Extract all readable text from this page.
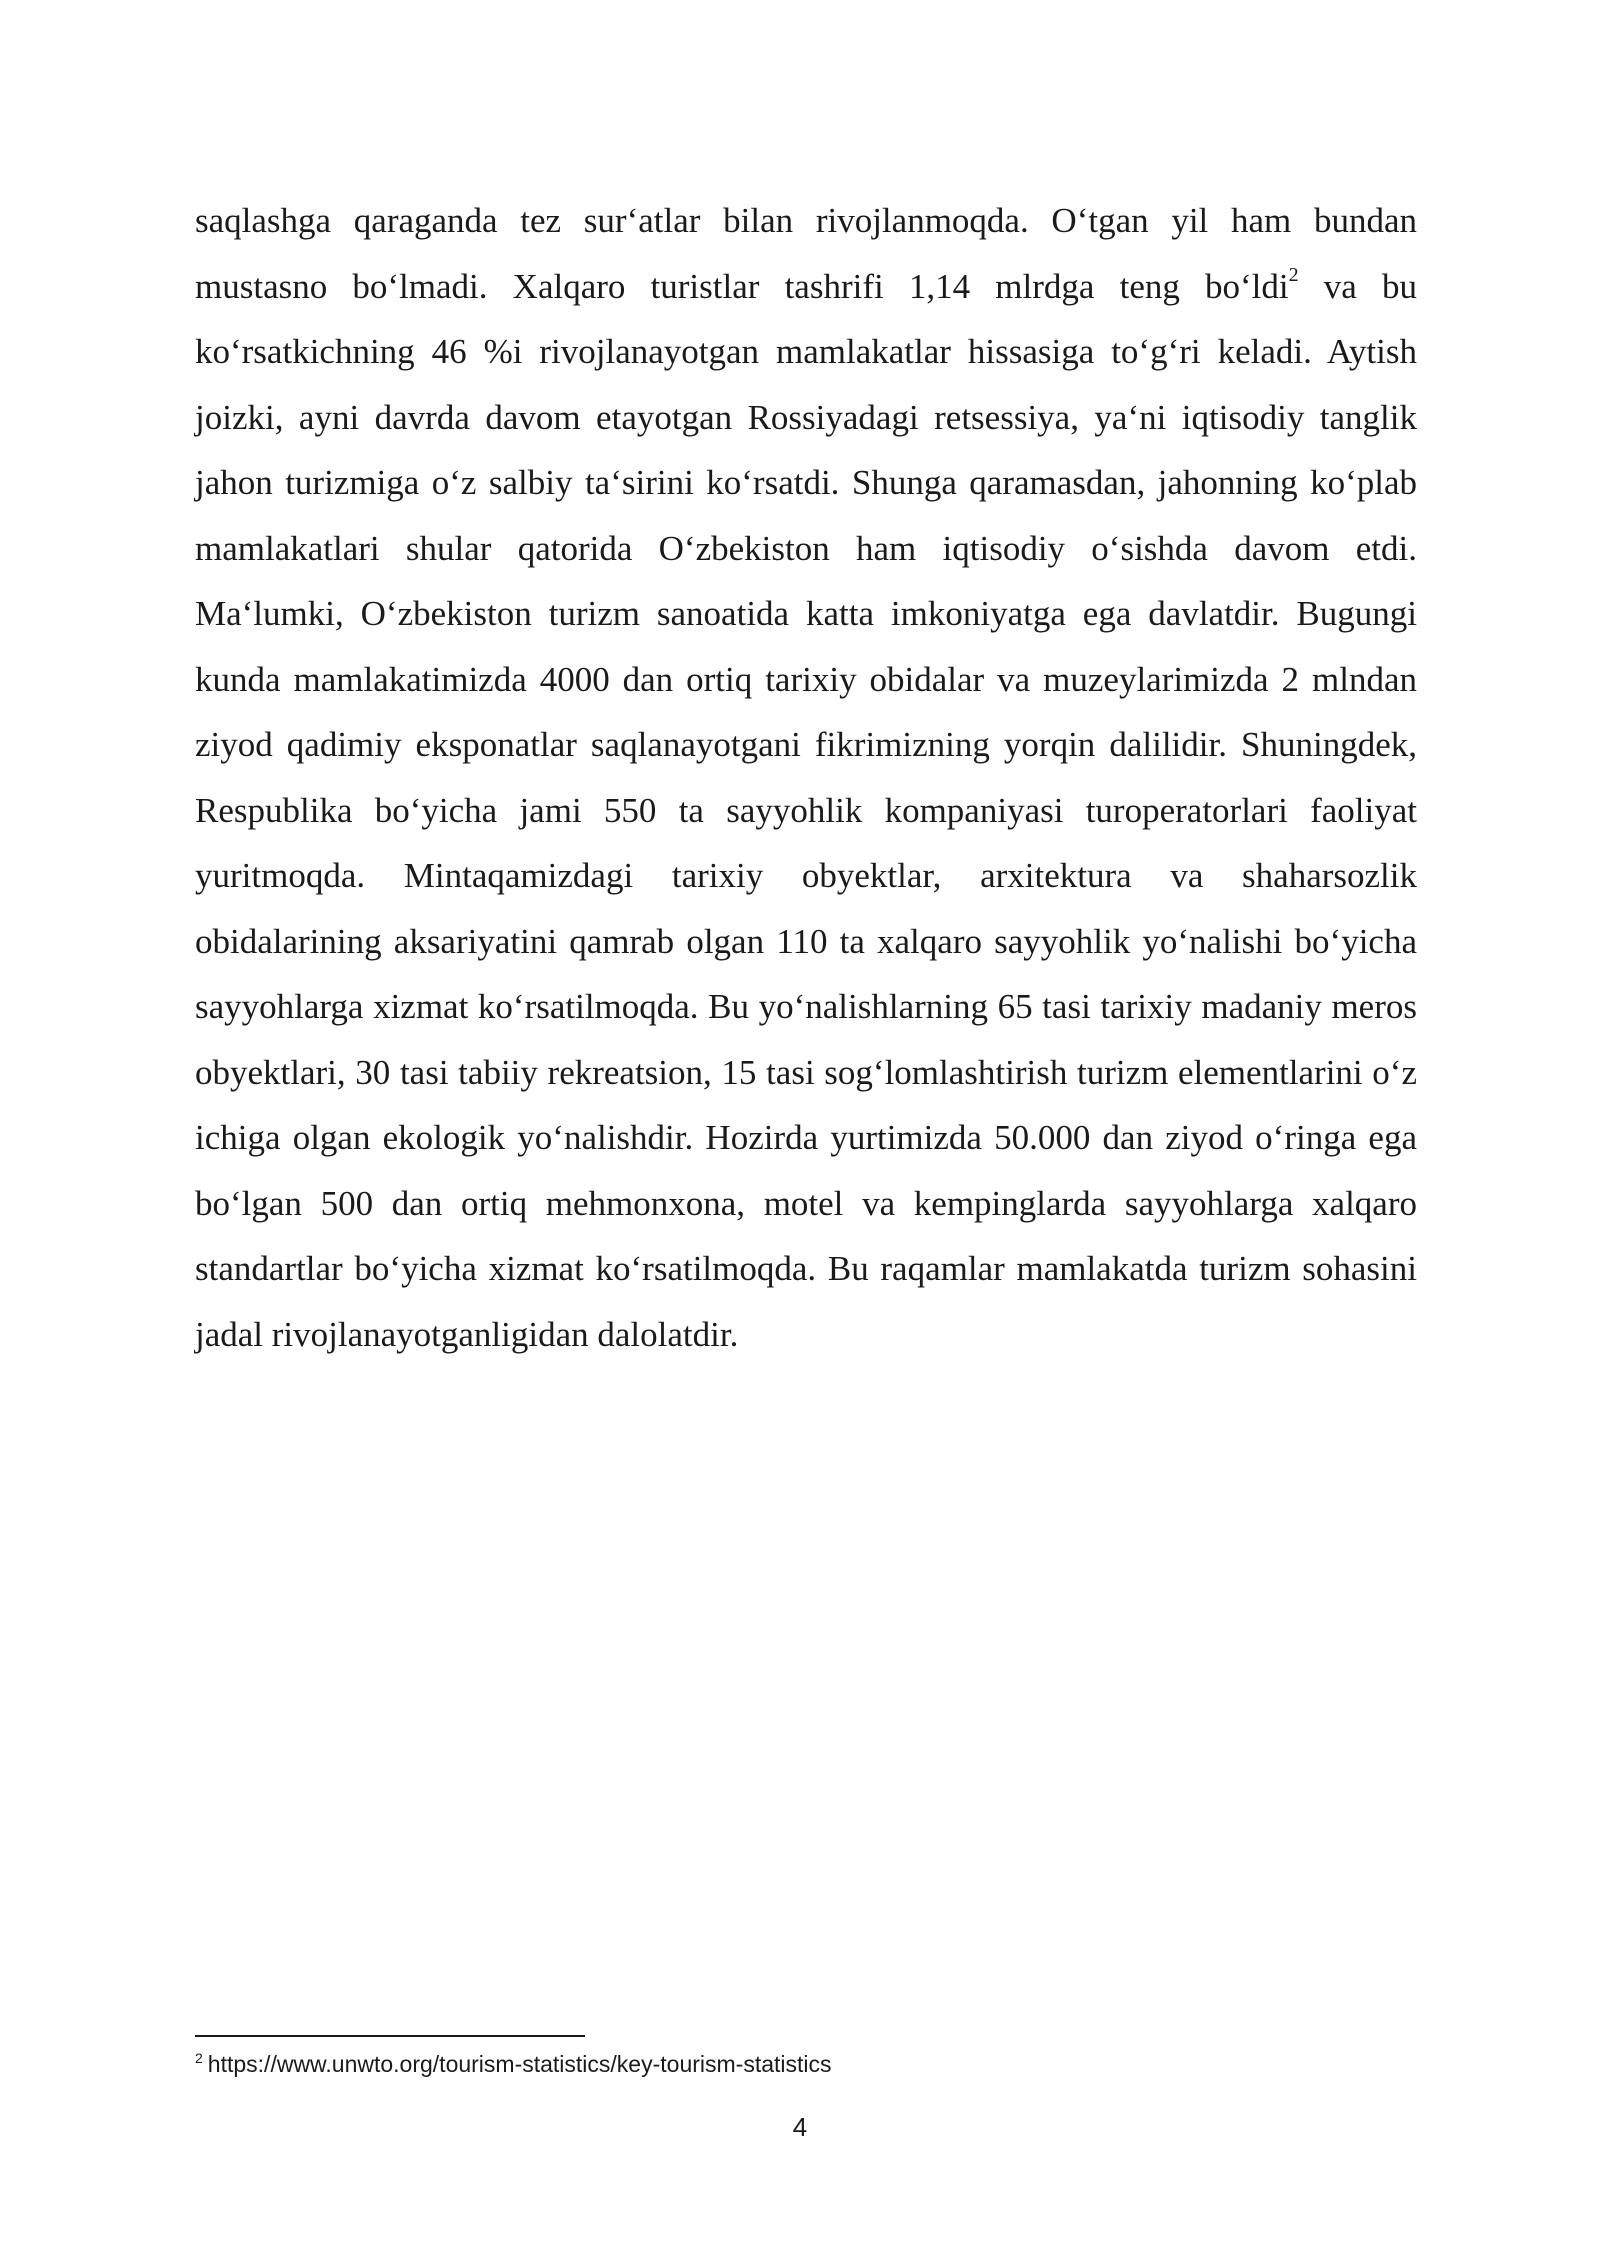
saqlashga qaraganda tez sur‘atlar bilan rivojlanmoqda. O‘tgan yil ham bundan mustasno bo‘lmadi. Xalqaro turistlar tashrifi 1,14 mlrdga teng bo‘ldi$^2$ va bu ko‘rsatkichning 46 %i rivojlanayotgan mamlakatlar hissasiga to‘g‘ri keladi. Aytish joizki, ayni davrda davom etayotgan Rossiyadagi retsessiya, ya‘ni iqtisodiy tanglik jahon turizmiga o‘z salbiy ta‘sirini ko‘rsatdi. Shunga qaramasdan, jahonning ko‘plab mamlakatlari shular qatorida O‘zbekiston ham iqtisodiy o‘sishda davom etdi. Ma‘lumki, O‘zbekiston turizm sanoatida katta imkoniyatga ega davlatdir. Bugungi kunda mamlakatimizda 4000 dan ortiq tarixiy obidalar va muzeylarimizda 2 mlndan ziyod qadimiy eksponatlar saqlanayotgani fikrimizning yorqin dalilidir. Shuningdek, Respublika bo‘yicha jami 550 ta sayyohlik kompaniyasi turoperatorlari faoliyat yuritmoqda. Mintaqamizdagi tarixiy obyektlar, arxitektura va shaharsozlik obidalarining aksariyatini qamrab olgan 110 ta xalqaro sayyohlik yo‘nalishi bo‘yicha sayyohlarga xizmat ko‘rsatilmoqda. Bu yo‘nalishlarning 65 tasi tarixiy madaniy meros obyektlari, 30 tasi tabiiy rekreatsion, 15 tasi sog‘lomlashtirish turizm elementlarini o‘z ichiga olgan ekologik yo‘nalishdir. Hozirda yurtimizda 50.000 dan ziyod o‘ringa ega bo‘lgan 500 dan ortiq mehmonxona, motel va kempinglarda sayyohlarga xalqaro standartlar bo‘yicha xizmat ko‘rsatilmoqda. Bu raqamlar mamlakatda turizm sohasini jadal rivojlanayotganligidan dalolatdir.

$^2$ https://www.unwto.org/tourism-statistics/key-tourism-statistics

4
